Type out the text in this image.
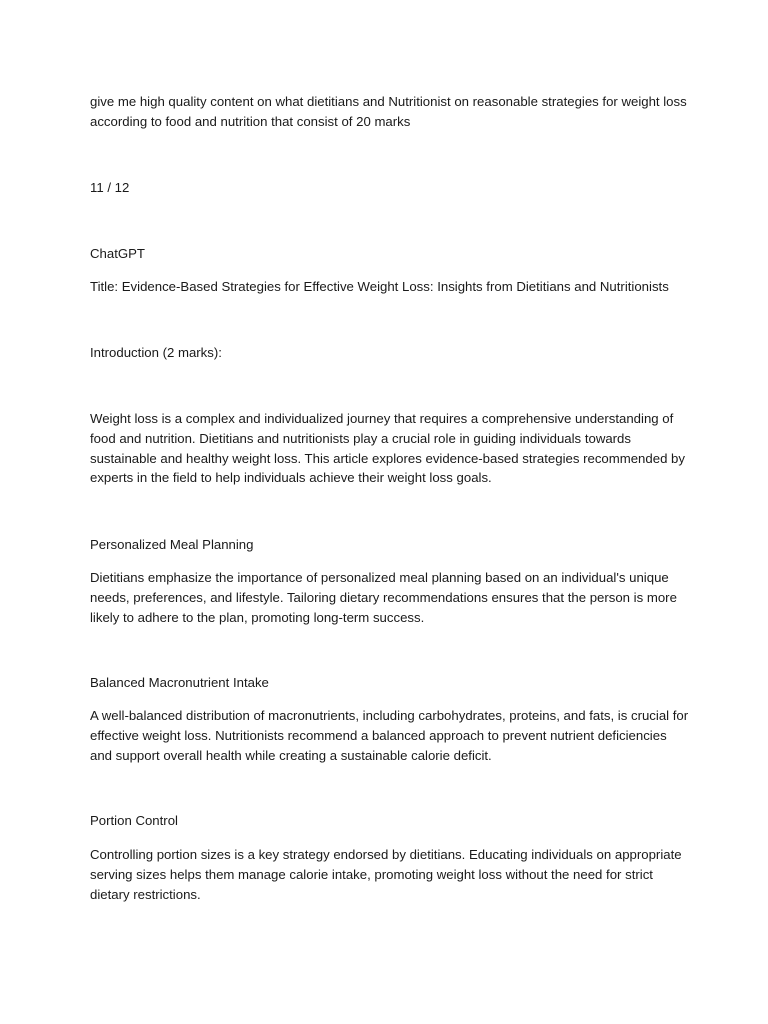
give me high quality content on what dietitians and Nutritionist on reasonable strategies for weight loss according to food and nutrition that consist of 20 marks

11 / 12

ChatGPT

Title: Evidence-Based Strategies for Effective Weight Loss: Insights from Dietitians and Nutritionists

Introduction (2 marks):

Weight loss is a complex and individualized journey that requires a comprehensive understanding of food and nutrition. Dietitians and nutritionists play a crucial role in guiding individuals towards sustainable and healthy weight loss. This article explores evidence-based strategies recommended by experts in the field to help individuals achieve their weight loss goals.

Personalized Meal Planning

Dietitians emphasize the importance of personalized meal planning based on an individual's unique needs, preferences, and lifestyle. Tailoring dietary recommendations ensures that the person is more likely to adhere to the plan, promoting long-term success.

Balanced Macronutrient Intake

A well-balanced distribution of macronutrients, including carbohydrates, proteins, and fats, is crucial for effective weight loss. Nutritionists recommend a balanced approach to prevent nutrient deficiencies and support overall health while creating a sustainable calorie deficit.

Portion Control

Controlling portion sizes is a key strategy endorsed by dietitians. Educating individuals on appropriate serving sizes helps them manage calorie intake, promoting weight loss without the need for strict dietary restrictions.
